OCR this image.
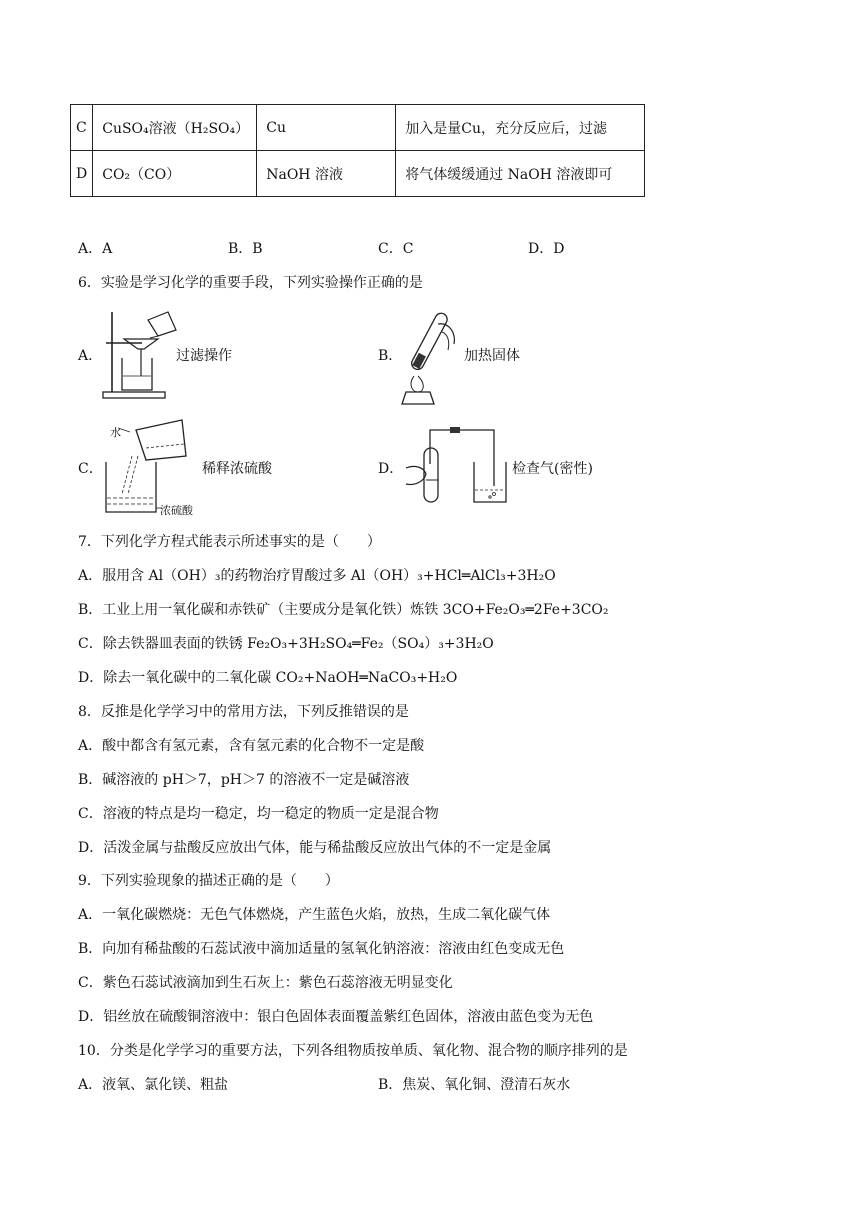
C	CuSO₄溶液（H₂SO₄）	Cu	加入是量Cu，充分反应后，过滤
D	CO₂（CO）	NaOH 溶液	将气体缓缓通过 NaOH 溶液即可
A．A	B．B	C．C	D．D
6．实验是学习化学的重要手段，下列实验操作正确的是
A．	过滤操作	B．	加热固体
C．
水
浓硫酸
稀释浓硫酸	D．	检查气(密性)
7．下列化学方程式能表示所述事实的是（　　）
A．服用含 Al（OH）₃的药物治疗胃酸过多 Al（OH）₃+HCl═AlCl₃+3H₂O
B．工业上用一氧化碳和赤铁矿（主要成分是氧化铁）炼铁 3CO+Fe₂O₃═2Fe+3CO₂
C．除去铁器皿表面的铁锈 Fe₂O₃+3H₂SO₄═Fe₂（SO₄）₃+3H₂O
D．除去一氧化碳中的二氧化碳 CO₂+NaOH═NaCO₃+H₂O
8．反推是化学学习中的常用方法，下列反推错误的是
A．酸中都含有氢元素，含有氢元素的化合物不一定是酸
B．碱溶液的 pH＞7，pH＞7 的溶液不一定是碱溶液
C．溶液的特点是均一稳定，均一稳定的物质一定是混合物
D．活泼金属与盐酸反应放出气体，能与稀盐酸反应放出气体的不一定是金属
9．下列实验现象的描述正确的是（　　）
A．一氧化碳燃烧：无色气体燃烧，产生蓝色火焰，放热，生成二氧化碳气体
B．向加有稀盐酸的石蕊试液中滴加适量的氢氧化钠溶液：溶液由红色变成无色
C．紫色石蕊试液滴加到生石灰上：紫色石蕊溶液无明显变化
D．铝丝放在硫酸铜溶液中：银白色固体表面覆盖紫红色固体，溶液由蓝色变为无色
10．分类是化学学习的重要方法，下列各组物质按单质、氧化物、混合物的顺序排列的是
A．液氧、氯化镁、粗盐	B．焦炭、氧化铜、澄清石灰水
